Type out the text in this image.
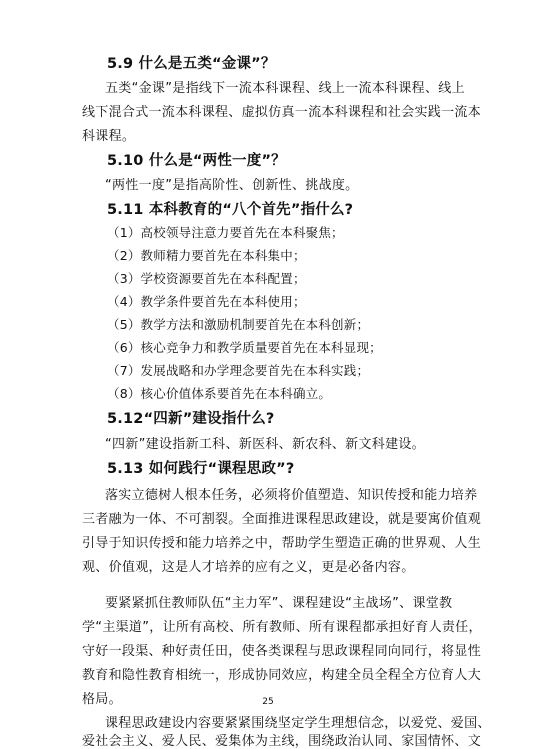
5.9 什么是五类“金课”？
五类“金课”是指线下一流本科课程、线上一流本科课程、线上
线下混合式一流本科课程、虚拟仿真一流本科课程和社会实践一流本
科课程。
5.10 什么是“两性一度”？
“两性一度”是指高阶性、创新性、挑战度。
5.11 本科教育的“八个首先”指什么?
（1）高校领导注意力要首先在本科聚焦；
（2）教师精力要首先在本科集中；
（3）学校资源要首先在本科配置；
（4）教学条件要首先在本科使用；
（5）教学方法和激励机制要首先在本科创新；
（6）核心竞争力和教学质量要首先在本科显现；
（7）发展战略和办学理念要首先在本科实践；
（8）核心价值体系要首先在本科确立。
5.12“四新”建设指什么?
“四新”建设指新工科、新医科、新农科、新文科建设。
5.13 如何践行“课程思政”?
落实立德树人根本任务，必须将价值塑造、知识传授和能力培养
三者融为一体、不可割裂。全面推进课程思政建设，就是要寓价值观
引导于知识传授和能力培养之中，帮助学生塑造正确的世界观、人生
观、价值观，这是人才培养的应有之义，更是必备内容。
要紧紧抓住教师队伍“主力军”、课程建设“主战场”、课堂教
学“主渠道”，让所有高校、所有教师、所有课程都承担好育人责任，
守好一段渠、种好责任田，使各类课程与思政课程同向同行，将显性
教育和隐性教育相统一，形成协同效应，构建全员全程全方位育人大
格局。
课程思政建设内容要紧紧围绕坚定学生理想信念，以爱党、爱国、
爱社会主义、爱人民、爱集体为主线，围绕政治认同、家国情怀、文
25
